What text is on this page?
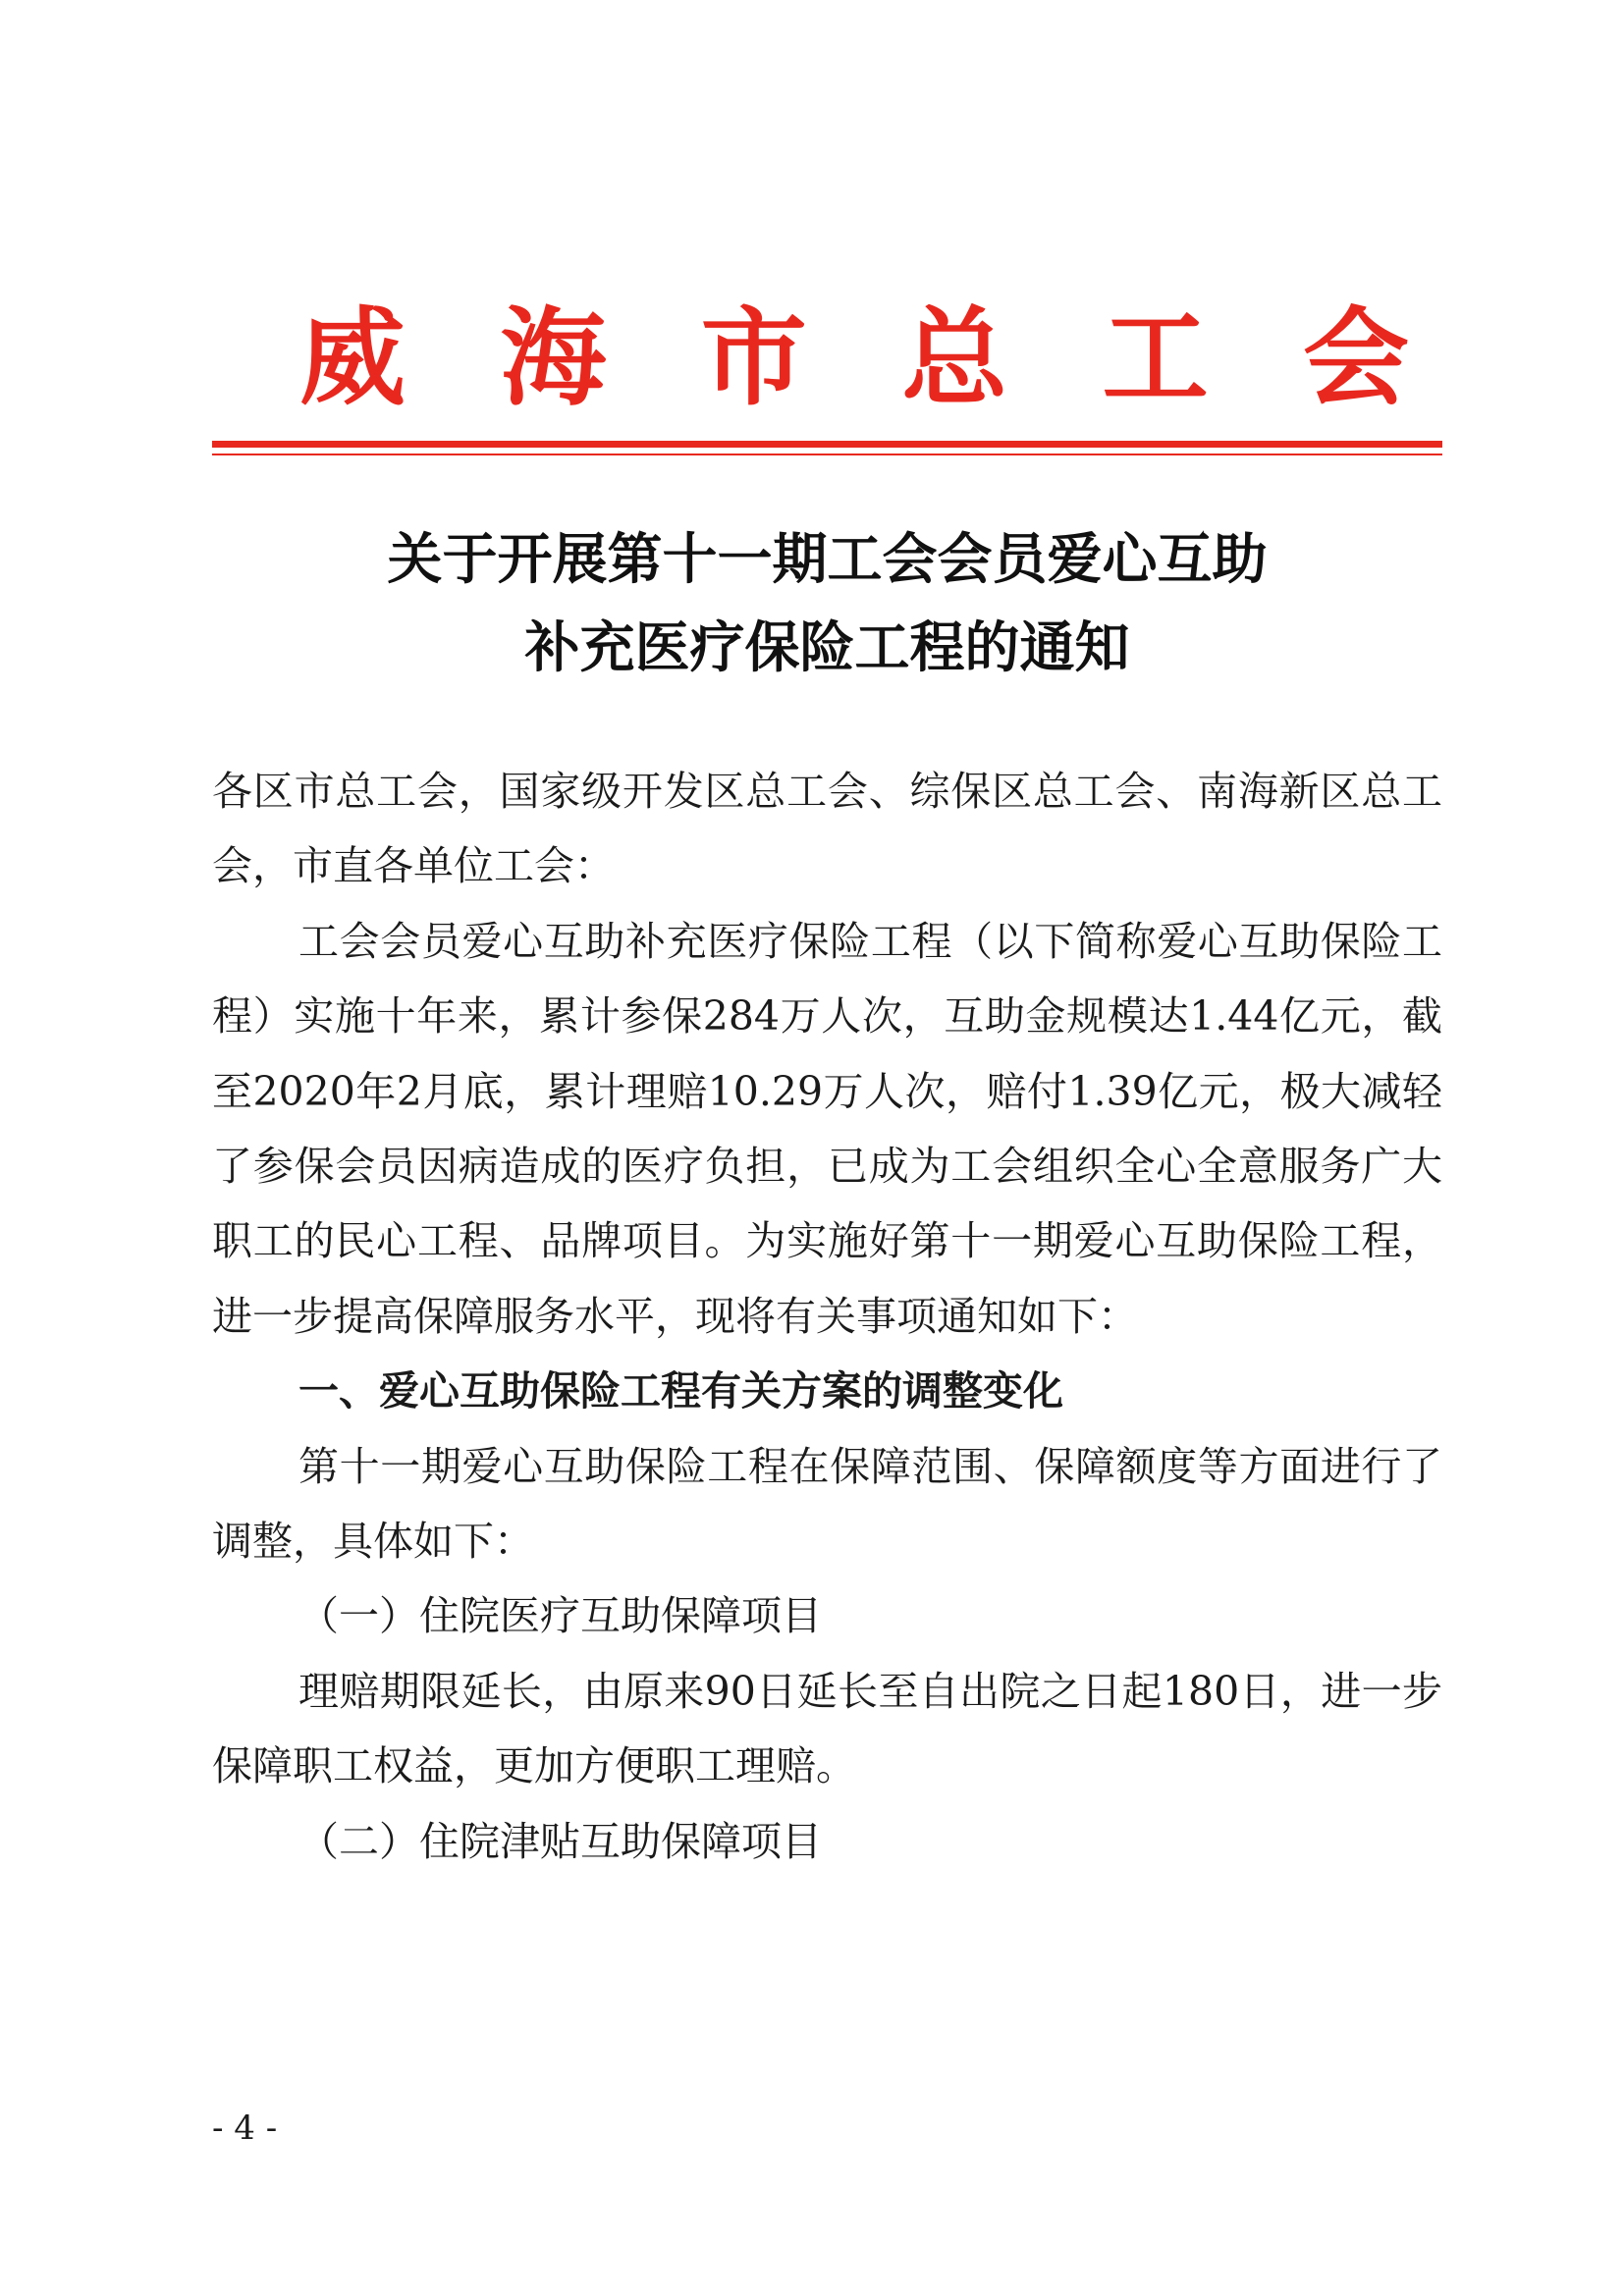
威 海 市 总 工 会
关于开展第十一期工会会员爱心互助
补充医疗保险工程的通知

各区市总工会，国家级开发区总工会、综保区总工会、南海新区总工会，市直各单位工会：

工会会员爱心互助补充医疗保险工程（以下简称爱心互助保险工程）实施十年来，累计参保284万人次，互助金规模达1.44亿元，截至2020年2月底，累计理赔10.29万人次，赔付1.39亿元，极大减轻了参保会员因病造成的医疗负担，已成为工会组织全心全意服务广大职工的民心工程、品牌项目。为实施好第十一期爱心互助保险工程，进一步提高保障服务水平，现将有关事项通知如下：

一、爱心互助保险工程有关方案的调整变化

第十一期爱心互助保险工程在保障范围、保障额度等方面进行了调整，具体如下：

（一）住院医疗互助保障项目

理赔期限延长，由原来90日延长至自出院之日起180日，进一步保障职工权益，更加方便职工理赔。

（二）住院津贴互助保障项目

- 4 -
